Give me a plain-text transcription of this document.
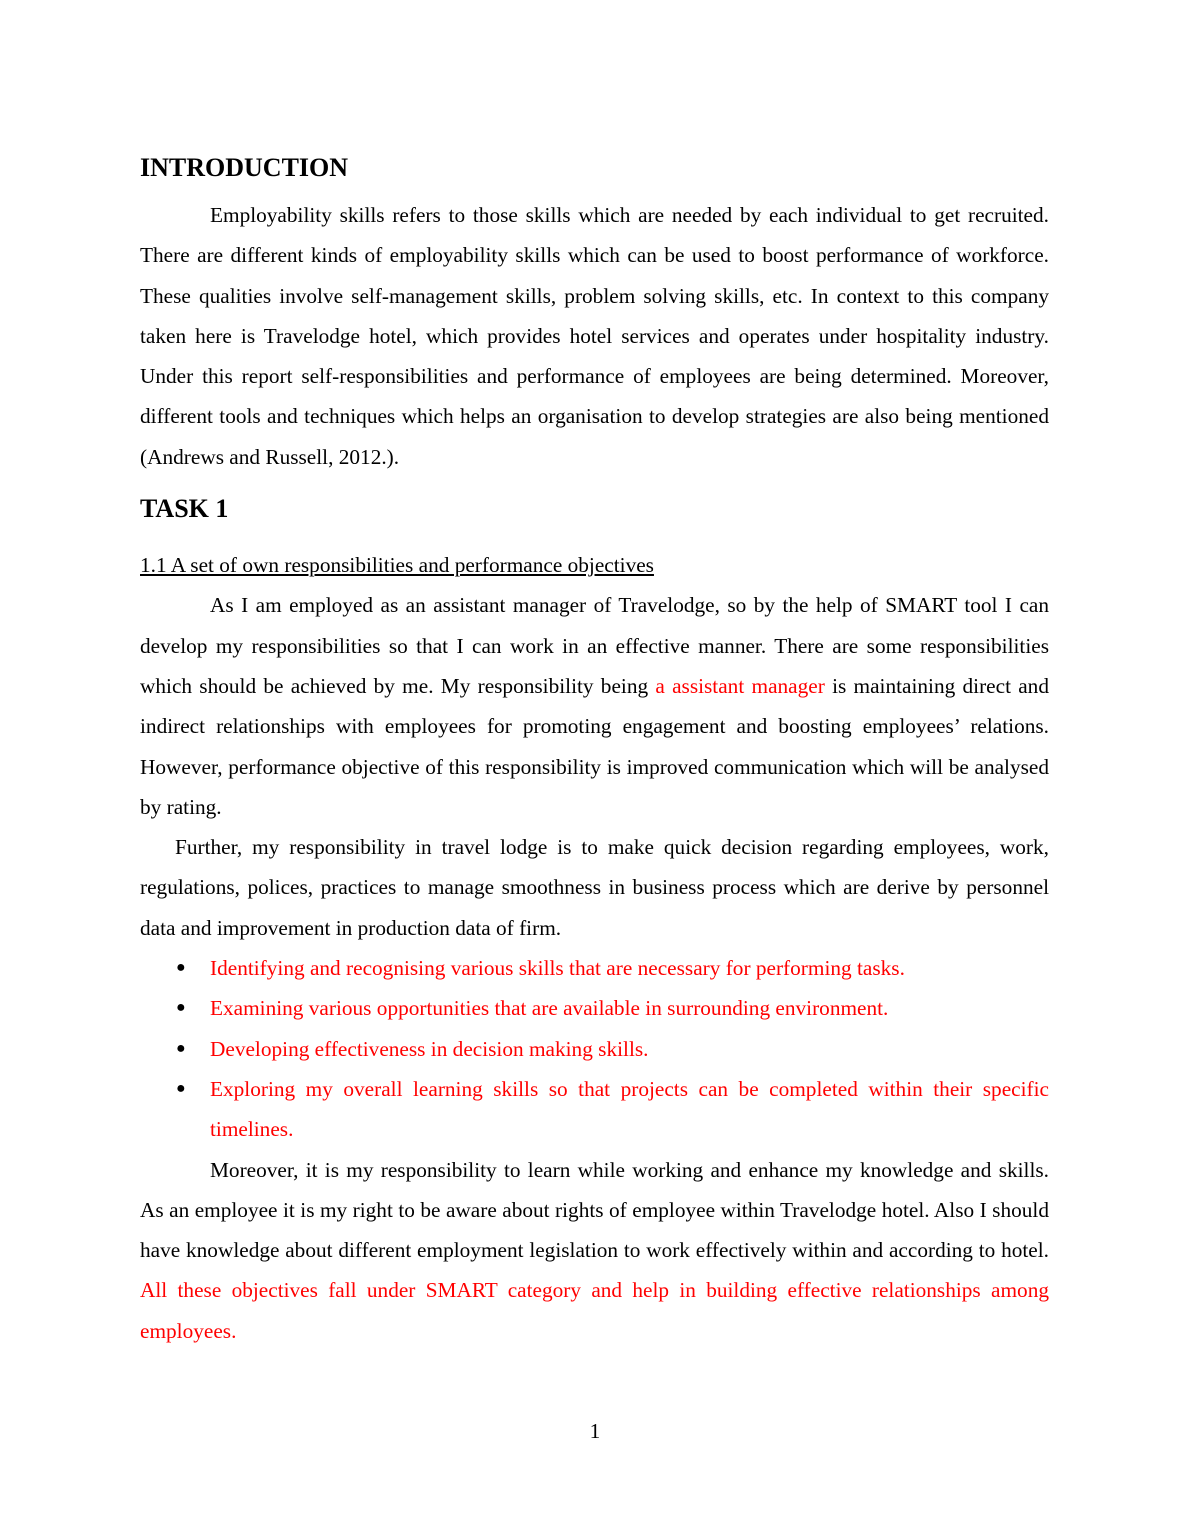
INTRODUCTION

Employability skills refers to those skills which are needed by each individual to get recruited. There are different kinds of employability skills which can be used to boost performance of workforce. These qualities involve self-management skills, problem solving skills, etc. In context to this company taken here is Travelodge hotel, which provides hotel services and operates under hospitality industry. Under this report self-responsibilities and performance of employees are being determined. Moreover, different tools and techniques which helps an organisation to develop strategies are also being mentioned (Andrews and Russell, 2012.).

TASK 1

1.1 A set of own responsibilities and performance objectives

As I am employed as an assistant manager of Travelodge, so by the help of SMART tool I can develop my responsibilities so that I can work in an effective manner. There are some responsibilities which should be achieved by me. My responsibility being a assistant manager is maintaining direct and indirect relationships with employees for promoting engagement and boosting employees’ relations. However, performance objective of this responsibility is improved communication which will be analysed by rating.

Further, my responsibility in travel lodge is to make quick decision regarding employees, work, regulations, polices, practices to manage smoothness in business process which are derive by personnel data and improvement in production data of firm.

● Identifying and recognising various skills that are necessary for performing tasks.
● Examining various opportunities that are available in surrounding environment.
● Developing effectiveness in decision making skills.
● Exploring my overall learning skills so that projects can be completed within their specific timelines.

Moreover, it is my responsibility to learn while working and enhance my knowledge and skills. As an employee it is my right to be aware about rights of employee within Travelodge hotel. Also I should have knowledge about different employment legislation to work effectively within and according to hotel. All these objectives fall under SMART category and help in building effective relationships among employees.

1
